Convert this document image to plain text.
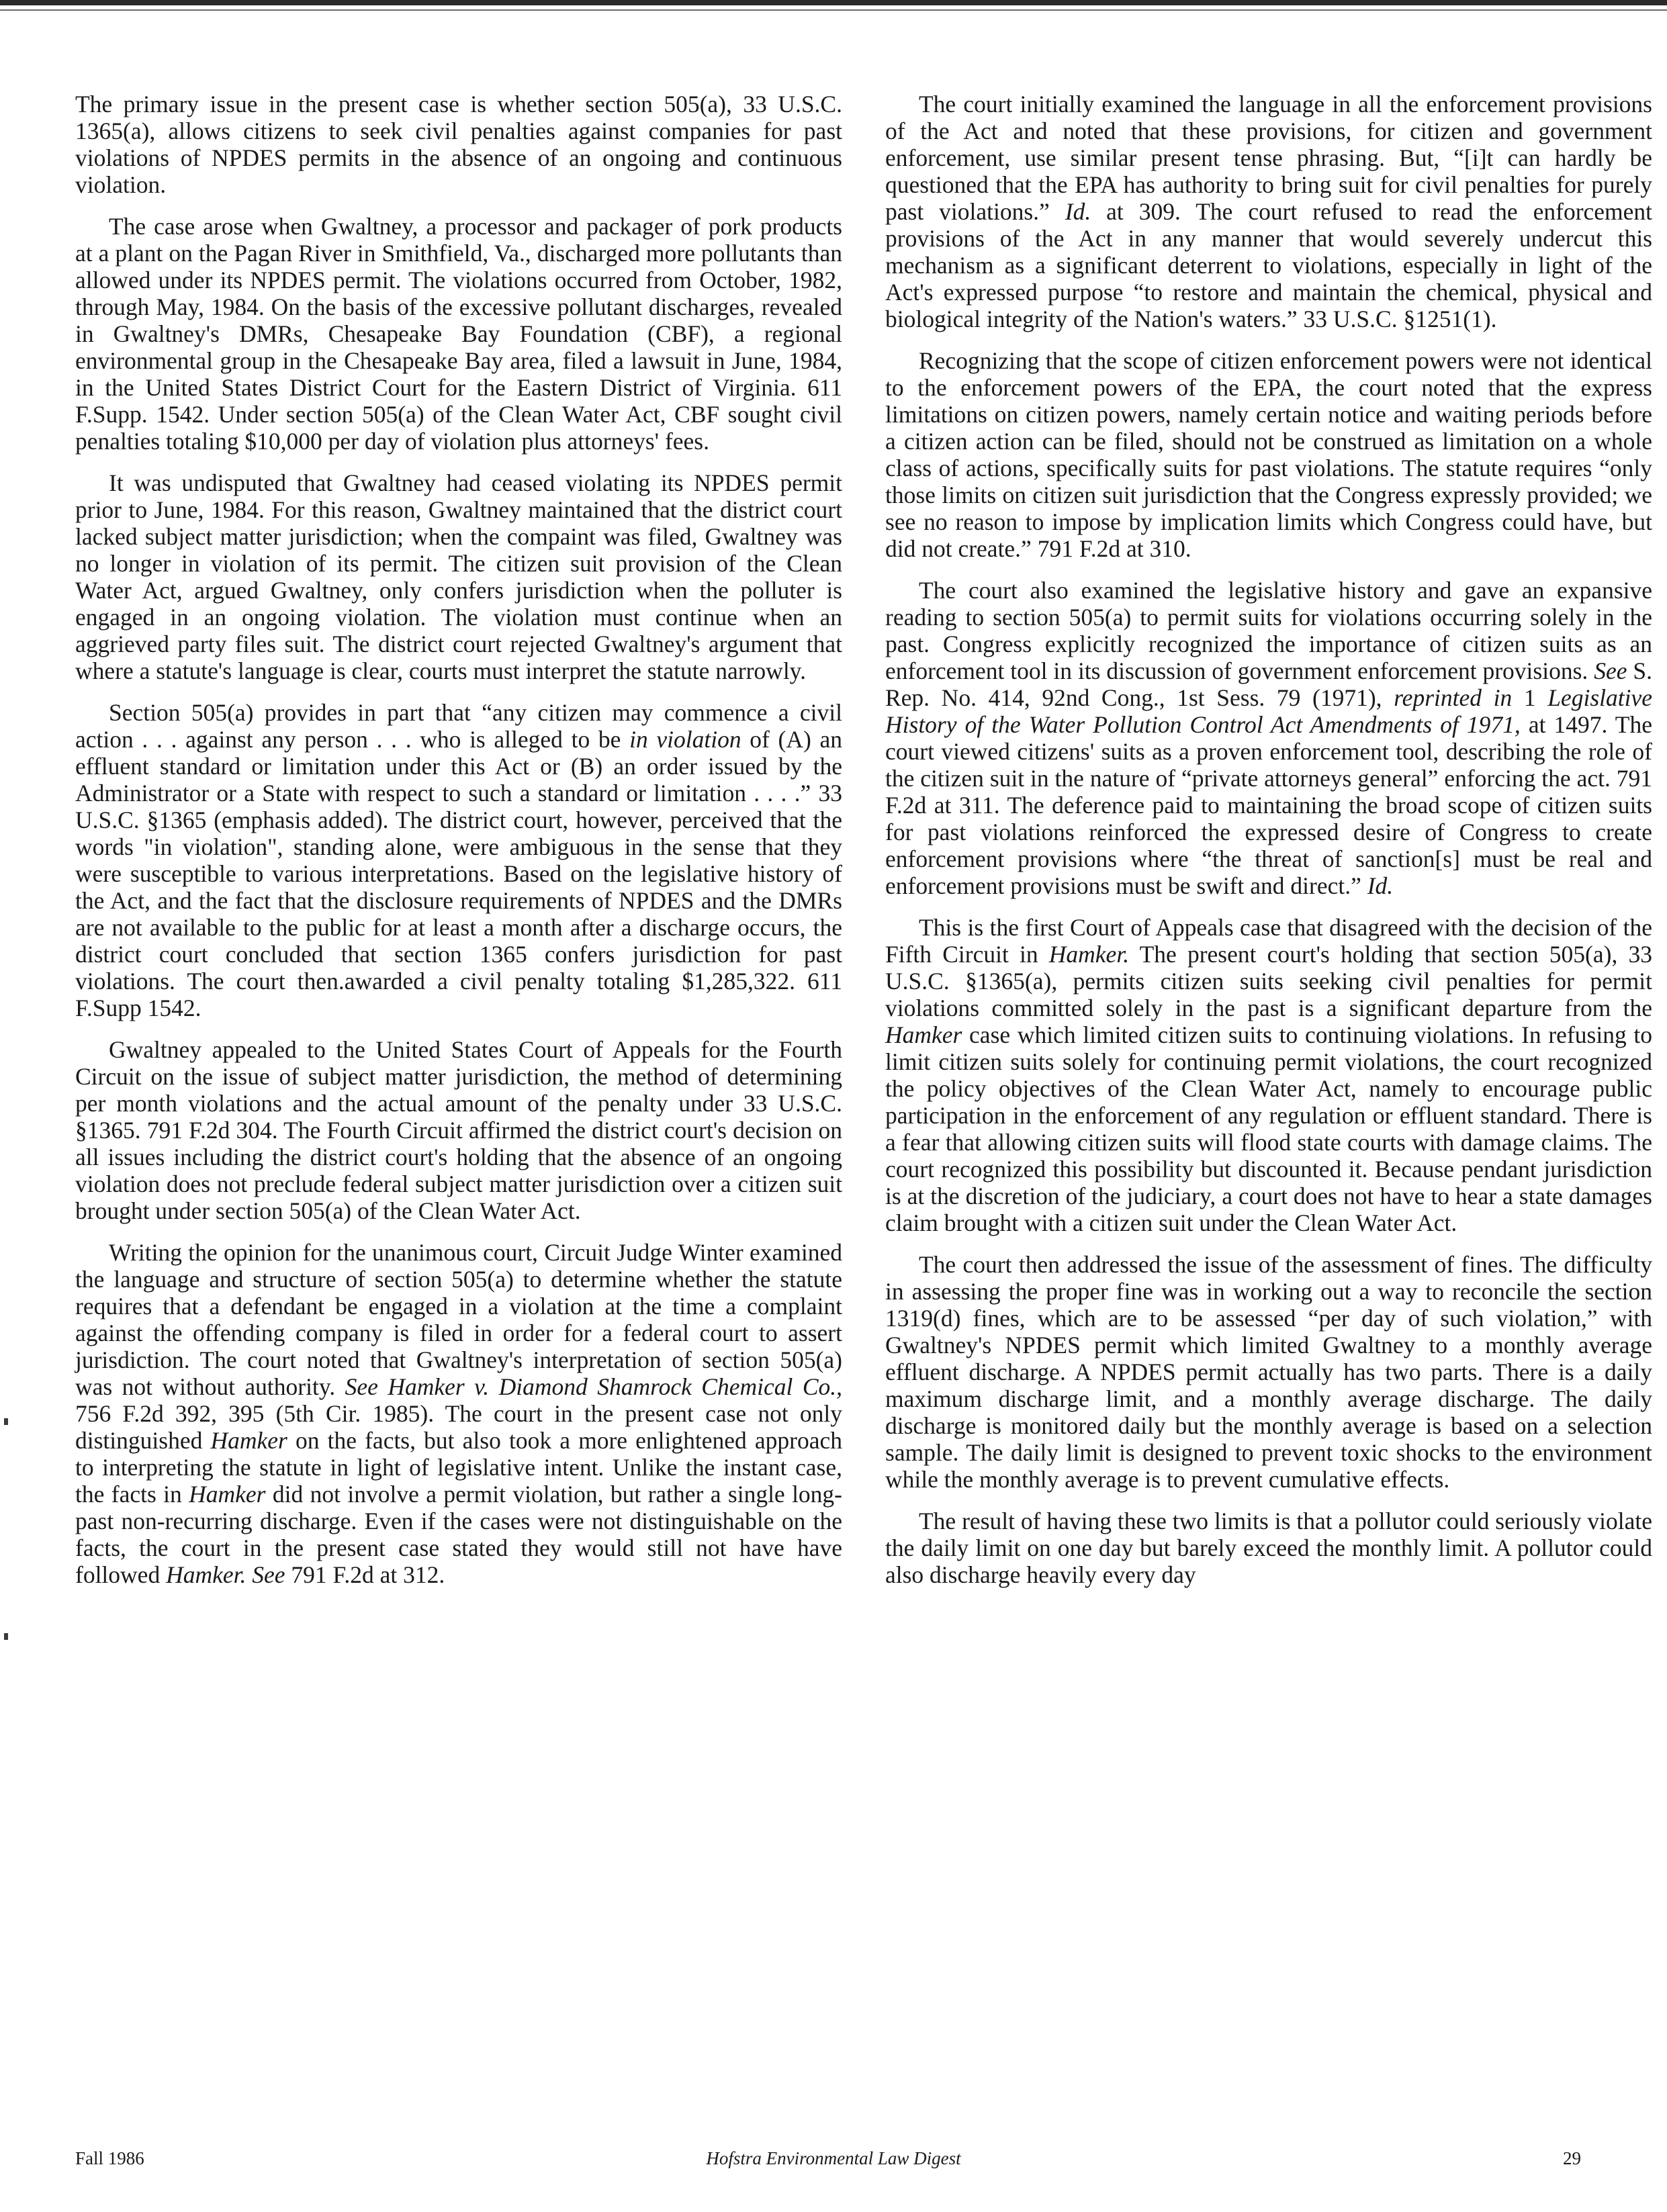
The primary issue in the present case is whether section 505(a), 33 U.S.C. 1365(a), allows citizens to seek civil penalties against companies for past violations of NPDES permits in the absence of an ongoing and continuous violation.

The case arose when Gwaltney, a processor and packager of pork products at a plant on the Pagan River in Smithfield, Va., discharged more pollutants than allowed under its NPDES permit. The violations occurred from October, 1982, through May, 1984. On the basis of the excessive pollutant discharges, revealed in Gwaltney's DMRs, Chesapeake Bay Foundation (CBF), a regional environmental group in the Chesapeake Bay area, filed a lawsuit in June, 1984, in the United States District Court for the Eastern District of Virginia. 611 F.Supp. 1542. Under section 505(a) of the Clean Water Act, CBF sought civil penalties totaling $10,000 per day of violation plus attorneys' fees.

It was undisputed that Gwaltney had ceased violating its NPDES permit prior to June, 1984. For this reason, Gwaltney maintained that the district court lacked subject matter jurisdiction; when the compaint was filed, Gwaltney was no longer in violation of its permit. The citizen suit provision of the Clean Water Act, argued Gwaltney, only confers jurisdiction when the polluter is engaged in an ongoing violation. The violation must continue when an aggrieved party files suit. The district court rejected Gwaltney's argument that where a statute's language is clear, courts must interpret the statute narrowly.

Section 505(a) provides in part that “any citizen may commence a civil action . . . against any person . . . who is alleged to be in violation of (A) an effluent standard or limitation under this Act or (B) an order issued by the Administrator or a State with respect to such a standard or limitation . . . .” 33 U.S.C. §1365 (emphasis added). The district court, however, perceived that the words "in violation", standing alone, were ambiguous in the sense that they were susceptible to various interpretations. Based on the legislative history of the Act, and the fact that the disclosure requirements of NPDES and the DMRs are not available to the public for at least a month after a discharge occurs, the district court concluded that section 1365 confers jurisdiction for past violations. The court then.awarded a civil penalty totaling $1,285,322. 611 F.Supp 1542.

Gwaltney appealed to the United States Court of Appeals for the Fourth Circuit on the issue of subject matter jurisdiction, the method of determining per month violations and the actual amount of the penalty under 33 U.S.C. §1365. 791 F.2d 304. The Fourth Circuit affirmed the district court's decision on all issues including the district court's holding that the absence of an ongoing violation does not preclude federal subject matter jurisdiction over a citizen suit brought under section 505(a) of the Clean Water Act.

Writing the opinion for the unanimous court, Circuit Judge Winter examined the language and structure of section 505(a) to determine whether the statute requires that a defendant be engaged in a violation at the time a complaint against the offending company is filed in order for a federal court to assert jurisdiction. The court noted that Gwaltney's interpretation of section 505(a) was not without authority. See Hamker v. Diamond Shamrock Chemical Co., 756 F.2d 392, 395 (5th Cir. 1985). The court in the present case not only distinguished Hamker on the facts, but also took a more enlightened approach to interpreting the statute in light of legislative intent. Unlike the instant case, the facts in Hamker did not involve a permit violation, but rather a single long-past non-recurring discharge. Even if the cases were not distinguishable on the facts, the court in the present case stated they would still not have have followed Hamker. See 791 F.2d at 312.

The court initially examined the language in all the enforcement provisions of the Act and noted that these provisions, for citizen and government enforcement, use similar present tense phrasing. But, “[i]t can hardly be questioned that the EPA has authority to bring suit for civil penalties for purely past violations.” Id. at 309. The court refused to read the enforcement provisions of the Act in any manner that would severely undercut this mechanism as a significant deterrent to violations, especially in light of the Act's expressed purpose “to restore and maintain the chemical, physical and biological integrity of the Nation's waters.” 33 U.S.C. §1251(1).

Recognizing that the scope of citizen enforcement powers were not identical to the enforcement powers of the EPA, the court noted that the express limitations on citizen powers, namely certain notice and waiting periods before a citizen action can be filed, should not be construed as limitation on a whole class of actions, specifically suits for past violations. The statute requires “only those limits on citizen suit jurisdiction that the Congress expressly provided; we see no reason to impose by implication limits which Congress could have, but did not create.” 791 F.2d at 310.

The court also examined the legislative history and gave an expansive reading to section 505(a) to permit suits for violations occurring solely in the past. Congress explicitly recognized the importance of citizen suits as an enforcement tool in its discussion of government enforcement provisions. See S. Rep. No. 414, 92nd Cong., 1st Sess. 79 (1971), reprinted in 1 Legislative History of the Water Pollution Control Act Amendments of 1971, at 1497. The court viewed citizens' suits as a proven enforcement tool, describing the role of the citizen suit in the nature of “private attorneys general” enforcing the act. 791 F.2d at 311. The deference paid to maintaining the broad scope of citizen suits for past violations reinforced the expressed desire of Congress to create enforcement provisions where “the threat of sanction[s] must be real and enforcement provisions must be swift and direct.” Id.

This is the first Court of Appeals case that disagreed with the decision of the Fifth Circuit in Hamker. The present court's holding that section 505(a), 33 U.S.C. §1365(a), permits citizen suits seeking civil penalties for permit violations committed solely in the past is a significant departure from the Hamker case which limited citizen suits to continuing violations. In refusing to limit citizen suits solely for continuing permit violations, the court recognized the policy objectives of the Clean Water Act, namely to encourage public participation in the enforcement of any regulation or effluent standard. There is a fear that allowing citizen suits will flood state courts with damage claims. The court recognized this possibility but discounted it. Because pendant jurisdiction is at the discretion of the judiciary, a court does not have to hear a state damages claim brought with a citizen suit under the Clean Water Act.

The court then addressed the issue of the assessment of fines. The difficulty in assessing the proper fine was in working out a way to reconcile the section 1319(d) fines, which are to be assessed “per day of such violation,” with Gwaltney's NPDES permit which limited Gwaltney to a monthly average effluent discharge. A NPDES permit actually has two parts. There is a daily maximum discharge limit, and a monthly average discharge. The daily discharge is monitored daily but the monthly average is based on a selection sample. The daily limit is designed to prevent toxic shocks to the environment while the monthly average is to prevent cumulative effects.

The result of having these two limits is that a pollutor could seriously violate the daily limit on one day but barely exceed the monthly limit. A pollutor could also discharge heavily every day

Hofstra Environmental Law Digest
Fall 1986	29
